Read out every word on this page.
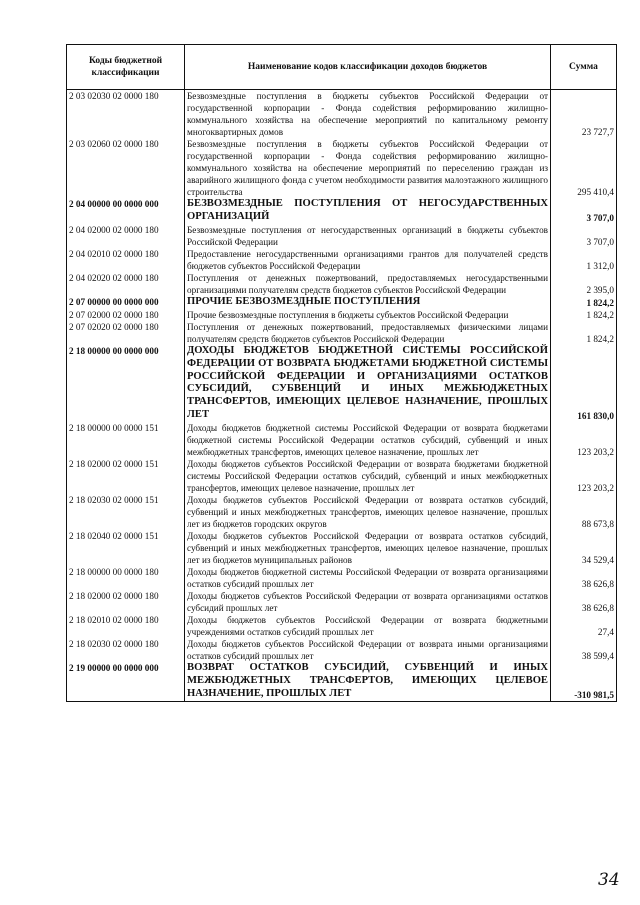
Коды бюджетной классификации	Наименование кодов классификации доходов бюджетов	Сумма
2 03 02030 02 0000 180	Безвозмездные поступления в бюджеты субъектов Российской Федерации от государственной корпорации - Фонда содействия реформированию жилищно-коммунального хозяйства на обеспечение мероприятий по капитальному ремонту многоквартирных домов	23 727,7
2 03 02060 02 0000 180	Безвозмездные поступления в бюджеты субъектов Российской Федерации от государственной корпорации - Фонда содействия реформированию жилищно-коммунального хозяйства на обеспечение мероприятий по переселению граждан из аварийного жилищного фонда с учетом необходимости развития малоэтажного жилищного строительства	295 410,4
2 04 00000 00 0000 000	БЕЗВОЗМЕЗДНЫЕ ПОСТУПЛЕНИЯ ОТ НЕГОСУДАРСТВЕННЫХ ОРГАНИЗАЦИЙ	3 707,0
2 04 02000 02 0000 180	Безвозмездные поступления от негосударственных организаций в бюджеты субъектов Российской Федерации	3 707,0
2 04 02010 02 0000 180	Предоставление негосударственными организациями грантов для получателей средств бюджетов субъектов Российской Федерации	1 312,0
2 04 02020 02 0000 180	Поступления от денежных пожертвований, предоставляемых негосударственными организациями получателям средств бюджетов субъектов Российской Федерации	2 395,0
2 07 00000 00 0000 000	ПРОЧИЕ БЕЗВОЗМЕЗДНЫЕ ПОСТУПЛЕНИЯ	1 824,2
2 07 02000 02 0000 180	Прочие безвозмездные поступления в бюджеты субъектов Российской Федерации	1 824,2
2 07 02020 02 0000 180	Поступления от денежных пожертвований, предоставляемых физическими лицами получателям средств бюджетов субъектов Российской Федерации	1 824,2
2 18 00000 00 0000 000	ДОХОДЫ БЮДЖЕТОВ БЮДЖЕТНОЙ СИСТЕМЫ РОССИЙСКОЙ ФЕДЕРАЦИИ ОТ ВОЗВРАТА БЮДЖЕТАМИ БЮДЖЕТНОЙ СИСТЕМЫ РОССИЙСКОЙ ФЕДЕРАЦИИ И ОРГАНИЗАЦИЯМИ ОСТАТКОВ СУБСИДИЙ, СУБВЕНЦИЙ И ИНЫХ МЕЖБЮДЖЕТНЫХ ТРАНСФЕРТОВ, ИМЕЮЩИХ ЦЕЛЕВОЕ НАЗНАЧЕНИЕ, ПРОШЛЫХ ЛЕТ	161 830,0
2 18 00000 00 0000 151	Доходы бюджетов бюджетной системы Российской Федерации от возврата бюджетами бюджетной системы Российской Федерации остатков субсидий, субвенций и иных межбюджетных трансфертов, имеющих целевое назначение, прошлых лет	123 203,2
2 18 02000 02 0000 151	Доходы бюджетов субъектов Российской Федерации от возврата бюджетами бюджетной системы Российской Федерации остатков субсидий, субвенций и иных межбюджетных трансфертов, имеющих целевое назначение, прошлых лет	123 203,2
2 18 02030 02 0000 151	Доходы бюджетов субъектов Российской Федерации от возврата остатков субсидий, субвенций и иных межбюджетных трансфертов, имеющих целевое назначение, прошлых лет из бюджетов городских округов	88 673,8
2 18 02040 02 0000 151	Доходы бюджетов субъектов Российской Федерации от возврата остатков субсидий, субвенций и иных межбюджетных трансфертов, имеющих целевое назначение, прошлых лет из бюджетов муниципальных районов	34 529,4
2 18 00000 00 0000 180	Доходы бюджетов бюджетной системы Российской Федерации от возврата организациями остатков субсидий прошлых лет	38 626,8
2 18 02000 02 0000 180	Доходы бюджетов субъектов Российской Федерации от возврата организациями остатков субсидий прошлых лет	38 626,8
2 18 02010 02 0000 180	Доходы бюджетов субъектов Российской Федерации от возврата бюджетными учреждениями остатков субсидий прошлых лет	27,4
2 18 02030 02 0000 180	Доходы бюджетов субъектов Российской Федерации от возврата иными организациями остатков субсидий прошлых лет	38 599,4
2 19 00000 00 0000 000	ВОЗВРАТ ОСТАТКОВ СУБСИДИЙ, СУБВЕНЦИЙ И ИНЫХ МЕЖБЮДЖЕТНЫХ ТРАНСФЕРТОВ, ИМЕЮЩИХ ЦЕЛЕВОЕ НАЗНАЧЕНИЕ, ПРОШЛЫХ ЛЕТ	-310 981,5
34
